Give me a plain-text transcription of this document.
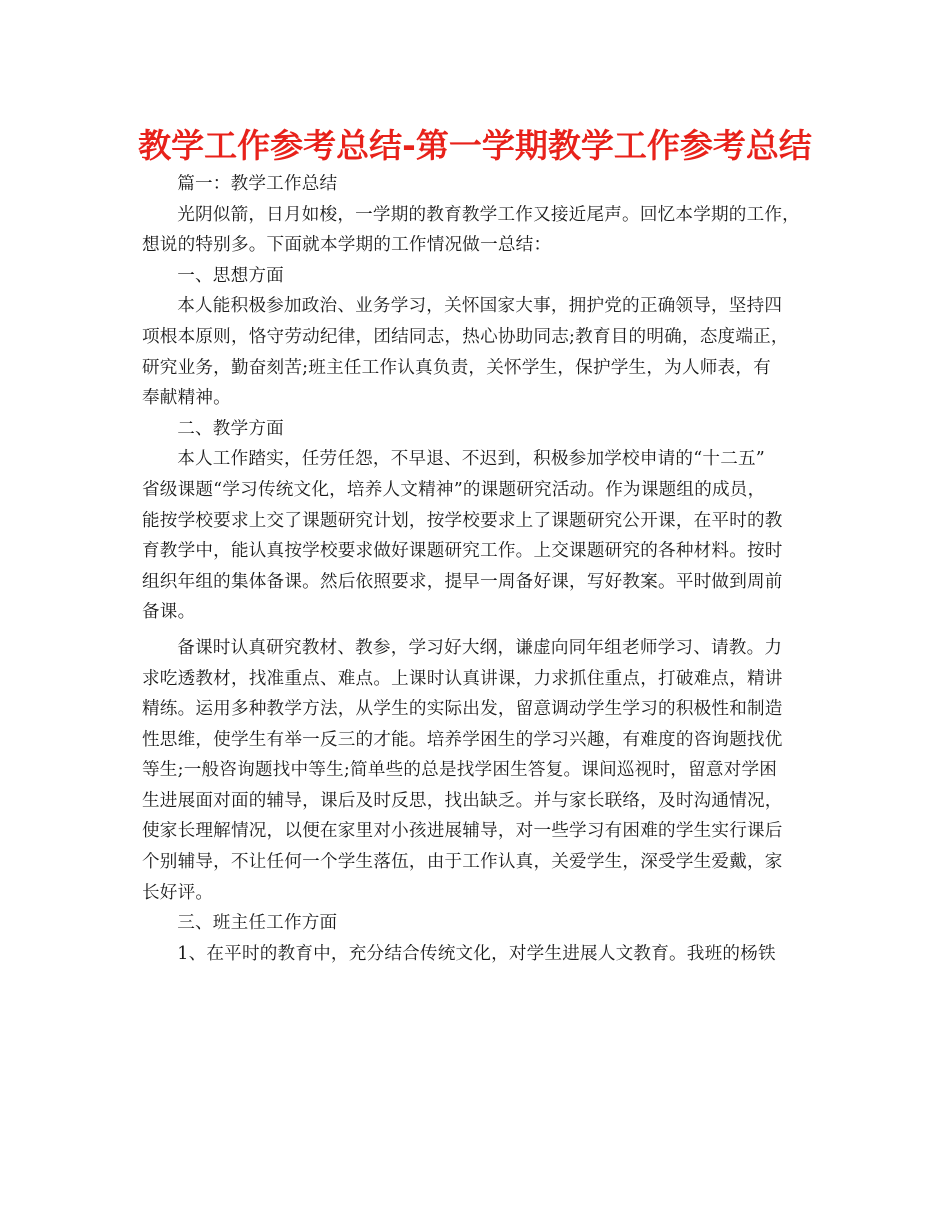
教学工作参考总结-第一学期教学工作参考总结

篇一：教学工作总结

光阴似箭，日月如梭，一学期的教育教学工作又接近尾声。回忆本学期的工作，
想说的特别多。下面就本学期的工作情况做一总结：

一、思想方面

本人能积极参加政治、业务学习，关怀国家大事，拥护党的正确领导，坚持四
项根本原则，恪守劳动纪律，团结同志，热心协助同志;教育目的明确，态度端正，
研究业务，勤奋刻苦;班主任工作认真负责，关怀学生，保护学生，为人师表，有
奉献精神。

二、教学方面

本人工作踏实，任劳任怨，不早退、不迟到，积极参加学校申请的“十二五”
省级课题“学习传统文化，培养人文精神”的课题研究活动。作为课题组的成员，
能按学校要求上交了课题研究计划，按学校要求上了课题研究公开课，在平时的教
育教学中，能认真按学校要求做好课题研究工作。上交课题研究的各种材料。按时
组织年组的集体备课。然后依照要求，提早一周备好课，写好教案。平时做到周前
备课。

备课时认真研究教材、教参，学习好大纲，谦虚向同年组老师学习、请教。力
求吃透教材，找准重点、难点。上课时认真讲课，力求抓住重点，打破难点，精讲
精练。运用多种教学方法，从学生的实际出发，留意调动学生学习的积极性和制造
性思维，使学生有举一反三的才能。培养学困生的学习兴趣，有难度的咨询题找优
等生;一般咨询题找中等生;简单些的总是找学困生答复。课间巡视时，留意对学困
生进展面对面的辅导，课后及时反思，找出缺乏。并与家长联络，及时沟通情况，
使家长理解情况，以便在家里对小孩进展辅导，对一些学习有困难的学生实行课后
个别辅导，不让任何一个学生落伍，由于工作认真，关爱学生，深受学生爱戴，家
长好评。

三、班主任工作方面

1、在平时的教育中，充分结合传统文化，对学生进展人文教育。我班的杨铁
